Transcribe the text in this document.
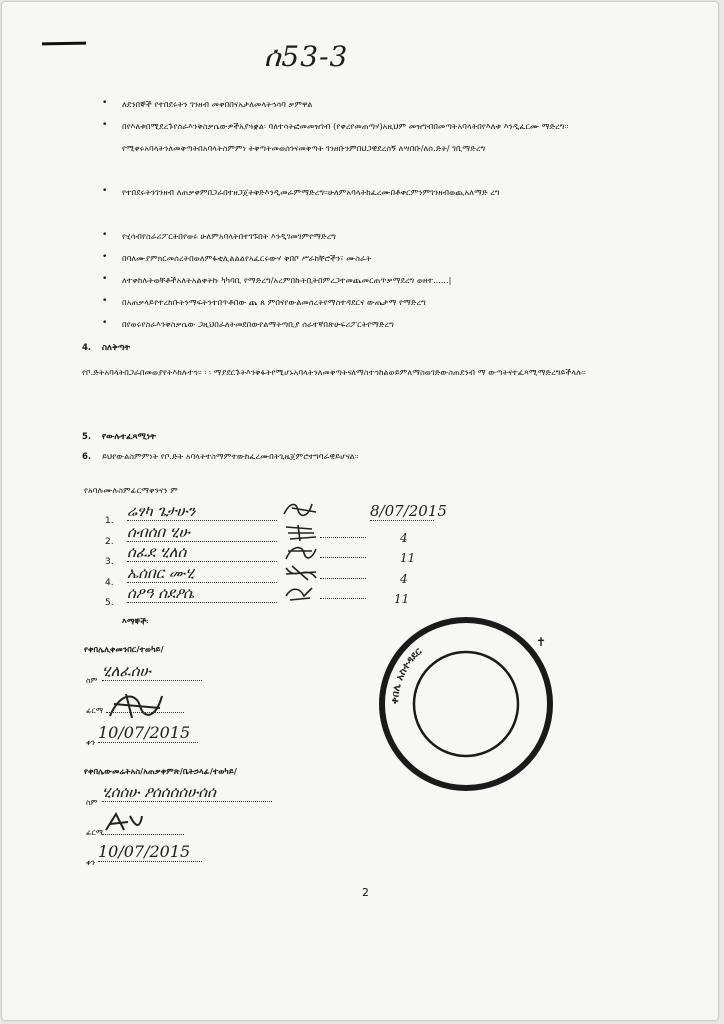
ሰ53-3
• ለደንበኞች የተበደሩትን ገንዘብ መቀበበናአታለመላትኅሳባ ቃምዋል
• በየእለቱበሚደረጉየስራእንቅስቃሴውዎችአያጓቋል፡ ባለተሳትፎመመዝገብ (የቀረየመጠጣሃ)አዚህም መዝግብበመጣትአባላትበየእለቱ እንዲፈርሙ ማድረግ፡፡የሚቀሩአባላትንለመቅጣትበአባላትስምምነ ትቅጣትመወሰንናመቅጣት ገንዘቡንምበህጋዊደረሰኝ ለሣበቡ/ለሰ.ድት/ ገቢማድረግ
• የተበደሩትንገንዘብ ለጠቃቀምበጋራበተዘጋጀትቅድእንዲመራምማድረግ፡፡ሁለምአባላትከፈረሙበቶቀርምንምገንዘብወጪአለማድ ረግ
• የሂሳብየስራሪፖርትበየወሩ ሁለምአባላትበተገኙበት እንዲገመገምየማድረግ
• በባለሙያምክርመሰረትበወለምፋቲሊልልልየአፈርሩውሃ ቅበቦ ሥራከቸሮችን፣ ሙስራት
• ለተቀከሉትወቸቶችአለትአልቀትኩ ካካባቢ የማድረግ/አረምበኩትቢትበምረጋተመጨመርጠጥቃማደረግ ወዘተ......|
• በአጠቃላይየተረከቡትንማፍትንተበጥቶበው ጨ ጸ ምበናየውልመሰረትየማስተዳደርና ውጤታማ የማድረግ
• በየወሩየስራእንቅስቃሴው ጋዚህበራለትመደበውየልማትጣቢያ ሰራተኛበጽሁፍሪፖርትየማድረግ
4. ስለቅጣት
የቦ.ድትአባላትበጋራበመወያየትእከሉተኅ፡፡ ፡ ፡ ማያደርጉትእንቅፋትየሚሆኑአባላትንለመቅጣትናለማስተኅከልወይምለማስወገድውስጠደንብ ማ ውጣትናተፈጻሚማድረግይችላሉ፡፡
5. የውሉተፈጻሚነት
6. ይህየውልስምምነት የቦ.ድት አባላትተስማምተውከፈረሙበትጊዜጀምሮተግባራዊይሆናል፡፡
የአባሉሙሉስምፊርማቀንናን ም
1.
ሬፃካ ጌታሁን	8/07/2015
2.
ሰብሰበ ሂሁ	4
3.
ሰፈደ ሂለሰ	11
4.
ኤሰበር ሙሂ	4
5.
ሰዖዓ ሰደዖሴ	11
እማኞች፡
የቀበሌሊቀመንበር/ተወካይ/
ስም
ሂለፈሰሁ
ፊርማ
ቀን
10/07/2015
የቀበሌውመሬትአስ/አጠቃቀምጽ/ቤትኃላፊ/ተወካይ/
ስም
ሂሰሰሁ ዖሰሰሰሰሁሰሰ
ፊርማ
ቀን
10/07/2015
ቀበሌ አስተዳደር
✝
2
